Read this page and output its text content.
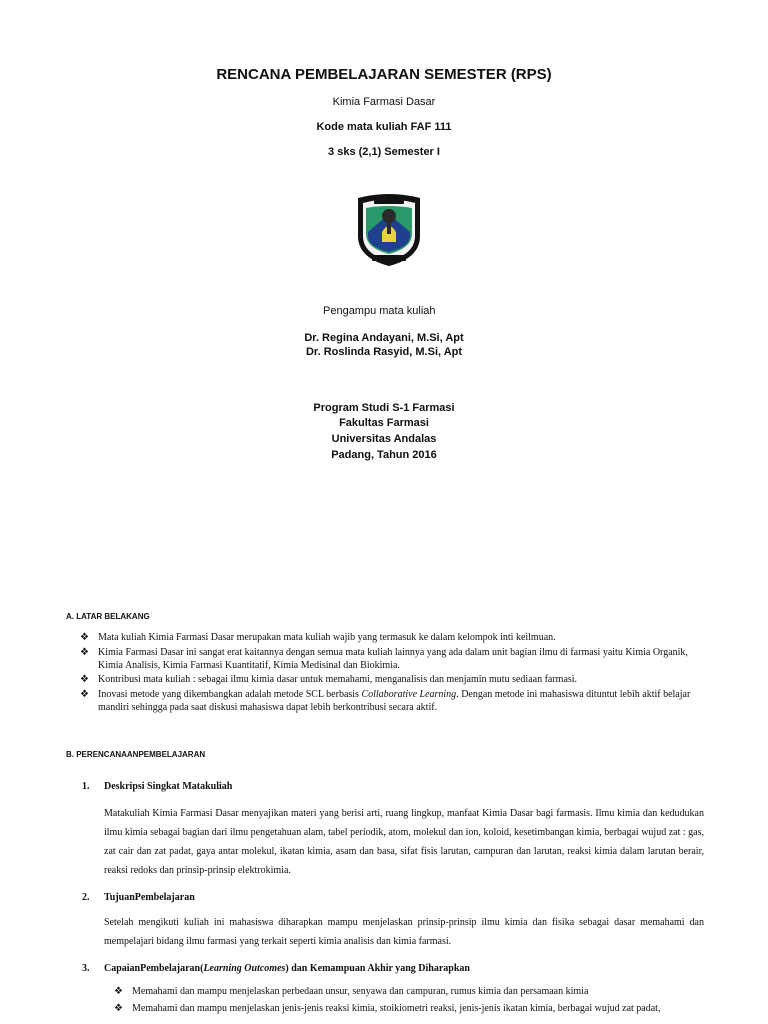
RENCANA PEMBELAJARAN SEMESTER (RPS)
Kimia Farmasi Dasar
Kode mata kuliah FAF 111
3 sks (2,1) Semester I
Pengampu mata kuliah
Dr. Regina Andayani, M.Si, Apt
Dr. Roslinda Rasyid, M.Si, Apt
Program Studi S-1 Farmasi
Fakultas Farmasi
Universitas Andalas
Padang, Tahun 2016
A. LATAR BELAKANG
❖ Mata kuliah Kimia Farmasi Dasar merupakan mata kuliah wajib yang termasuk ke dalam kelompok inti keilmuan.
❖ Kimia Farmasi Dasar ini sangat erat kaitannya dengan semua mata kuliah lainnya yang ada dalam unit bagian ilmu di farmasi yaitu Kimia Organik, Kimia Analisis, Kimia Farmasi Kuantitatif, Kimia Medisinal dan Biokimia.
❖ Kontribusi mata kuliah : sebagai ilmu kimia dasar untuk memahami, menganalisis dan menjamin mutu sediaan farmasi.
❖ Inovasi metode yang dikembangkan adalah metode SCL berbasis Collaborative Learning. Dengan metode ini mahasiswa dituntut lebih aktif belajar mandiri sehingga pada saat diskusi mahasiswa dapat lebih berkontribusi secara aktif.
B. PERENCANAANPEMBELAJARAN
1. Deskripsi Singkat Matakuliah
Matakuliah Kimia Farmasi Dasar menyajikan materi yang berisi arti, ruang lingkup, manfaat Kimia Dasar bagi farmasis. Ilmu kimia dan kedudukan ilmu kimia sebagai bagian dari ilmu pengetahuan alam, tabel periodik, atom, molekul dan ion, koloid, kesetimbangan kimia, berbagai wujud zat : gas, zat cair dan zat padat, gaya antar molekul, ikatan kimia, asam dan basa, sifat fisis larutan, campuran dan larutan, reaksi kimia dalam larutan berair, reaksi redoks dan prinsip-prinsip elektrokimia.
2. TujuanPembelajaran
Setelah mengikuti kuliah ini mahasiswa diharapkan mampu menjelaskan prinsip-prinsip ilmu kimia dan fisika sebagai dasar memahami dan mempelajari bidang ilmu farmasi yang terkait seperti kimia analisis dan kimia farmasi.
3. CapaianPembelajaran(Learning Outcomes) dan Kemampuan Akhir yang Diharapkan
❖ Memahami dan mampu menjelaskan perbedaan unsur, senyawa dan campuran, rumus kimia dan persamaan kimia
❖ Memahami dan mampu menjelaskan jenis-jenis reaksi kimia, stoikiometri reaksi, jenis-jenis ikatan kimia, berbagai wujud zat padat,
